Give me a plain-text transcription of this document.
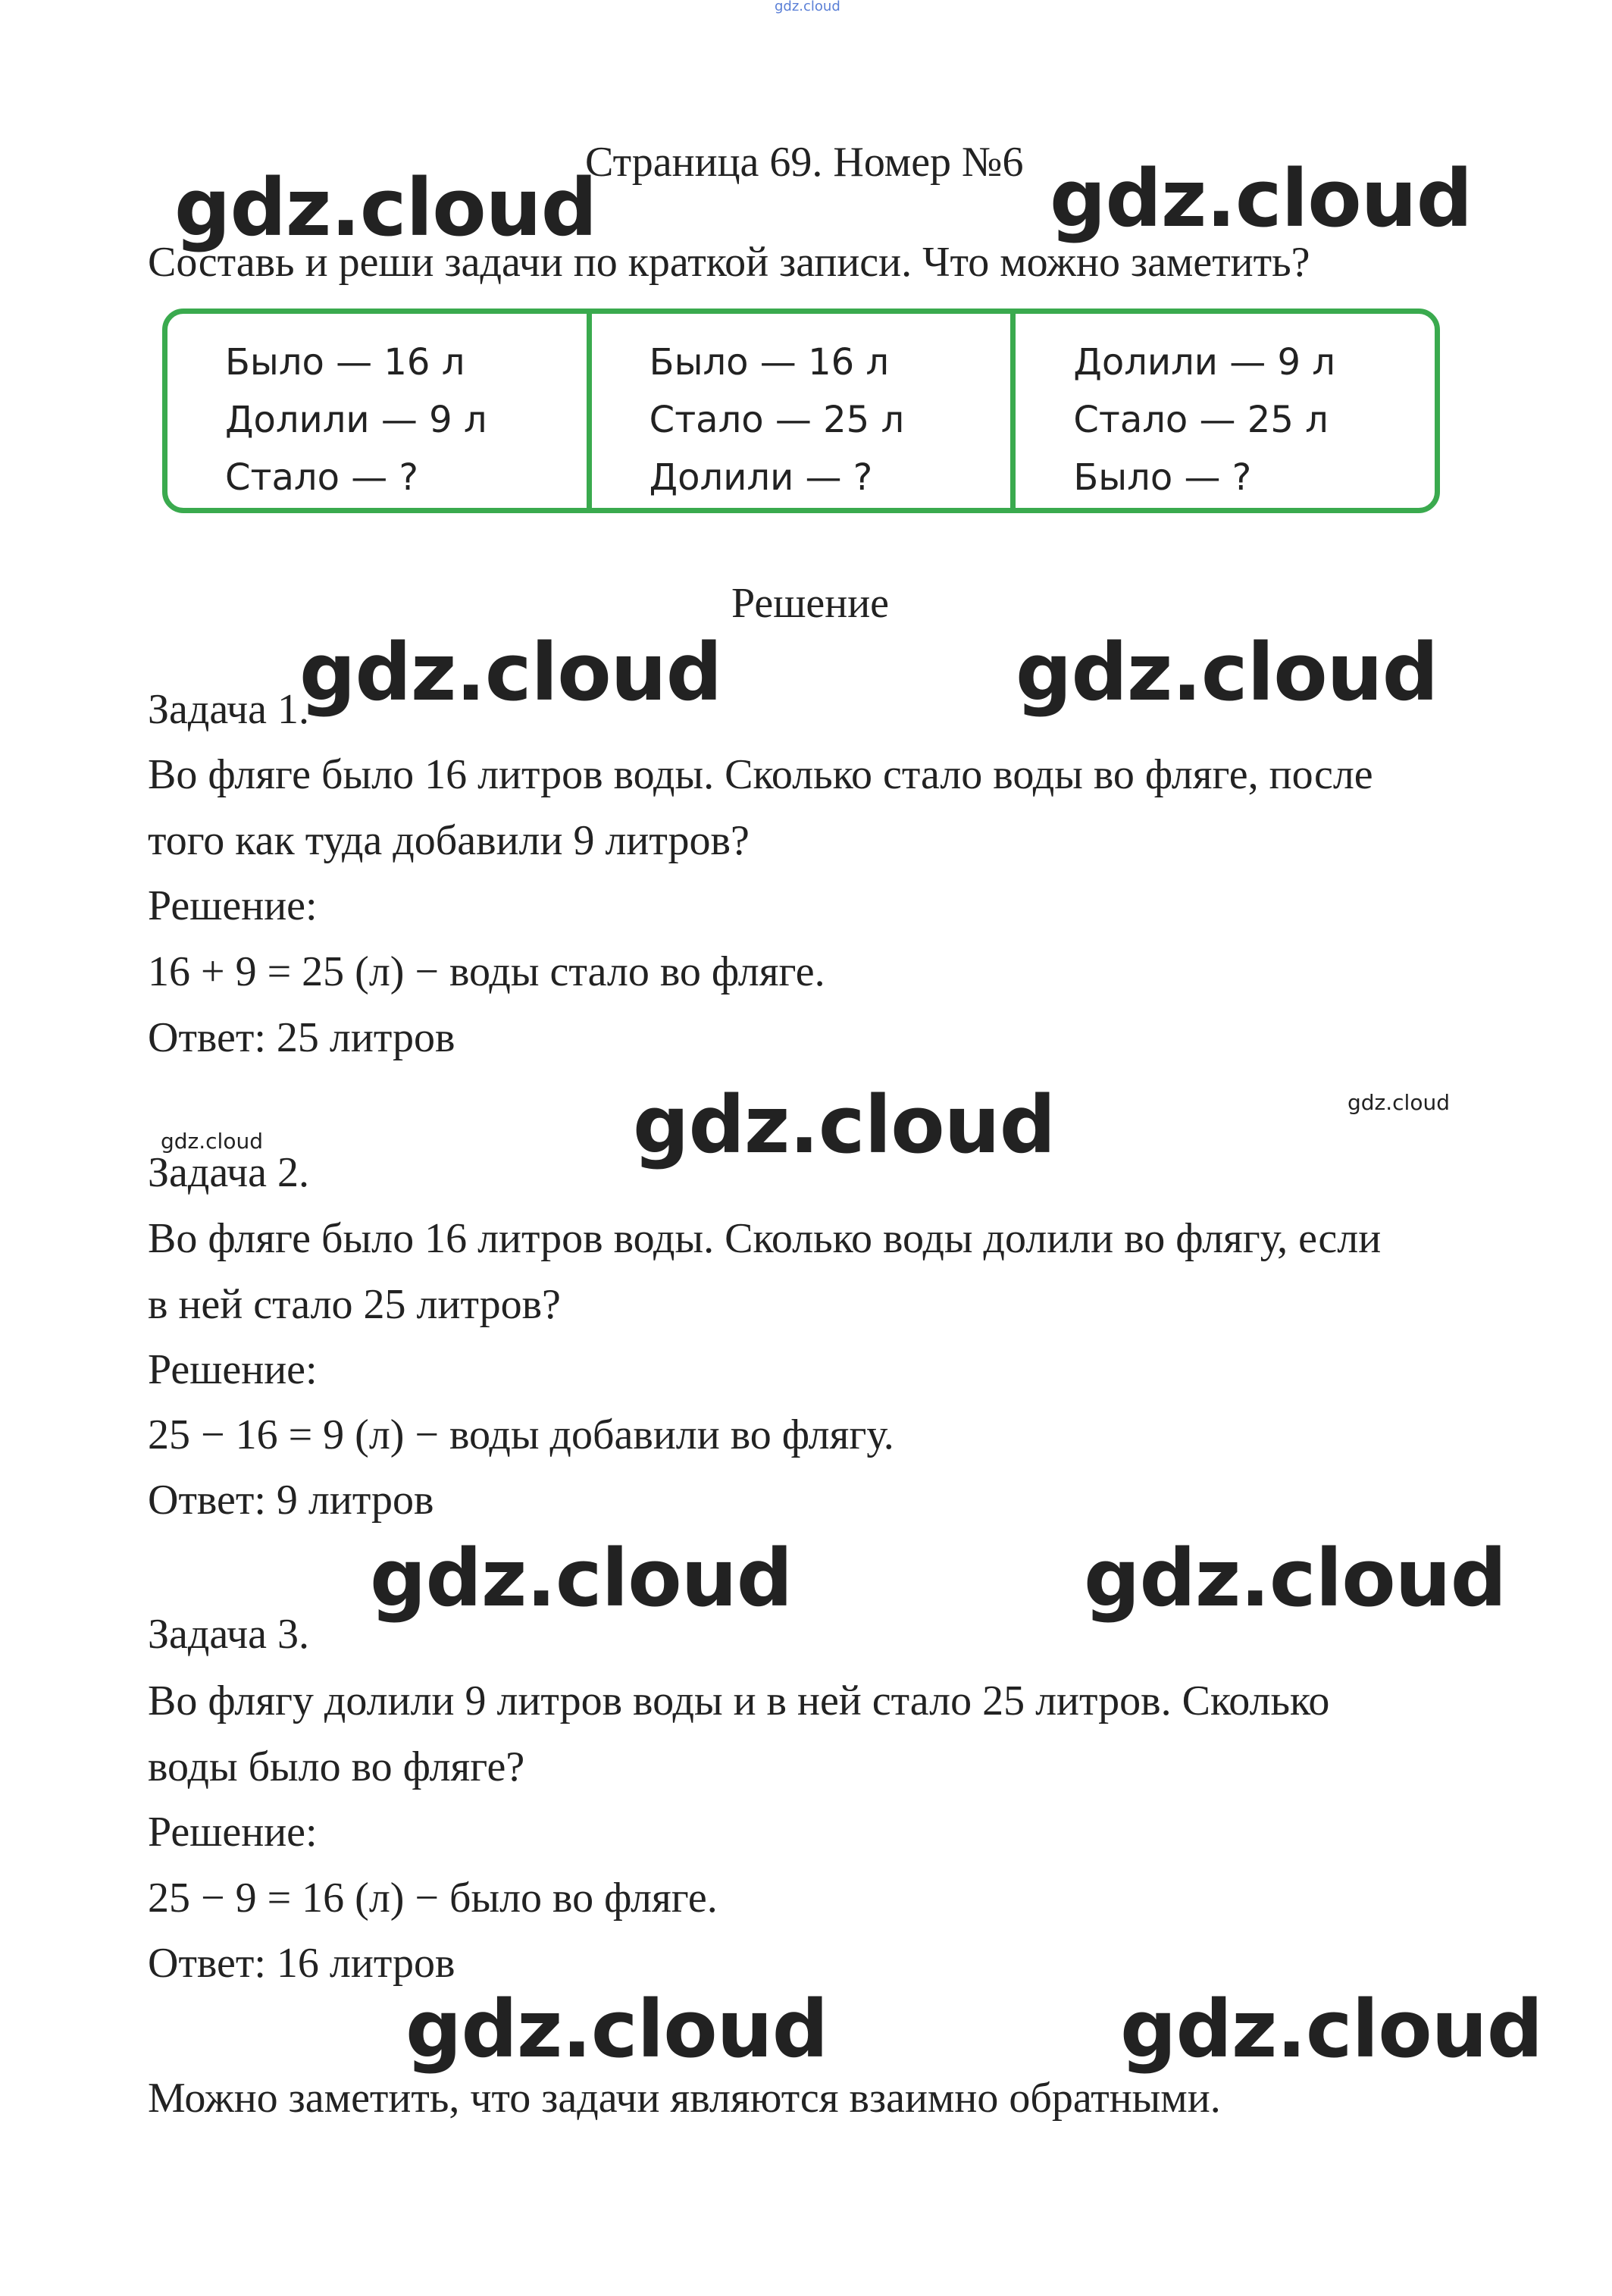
gdz.cloud
gdz.cloud	gdz.cloud
gdz.cloud	gdz.cloud
gdz.cloud	gdz.cloud
gdz.cloud
gdz.cloud	gdz.cloud
gdz.cloud	gdz.cloud
Страница 69. Номер №6
Составь и реши задачи по краткой записи. Что можно заметить?
Было — 16 л
Долили — 9 л
Стало — ?
Было — 16 л
Стало — 25 л
Долили — ?
Долили — 9 л
Стало — 25 л
Было — ?
Решение
Задача 1.
Во фляге было 16 литров воды. Сколько стало воды во фляге, после
того как туда добавили 9 литров?
Решение:
16 + 9 = 25 (л) − воды стало во фляге.
Ответ: 25 литров
Задача 2.
Во фляге было 16 литров воды. Сколько воды долили во флягу, если
в ней стало 25 литров?
Решение:
25 − 16 = 9 (л) − воды добавили во флягу.
Ответ: 9 литров
Задача 3.
Во флягу долили 9 литров воды и в ней стало 25 литров. Сколько
воды было во фляге?
Решение:
25 − 9 = 16 (л) − было во фляге.
Ответ: 16 литров
Можно заметить, что задачи являются взаимно обратными.
